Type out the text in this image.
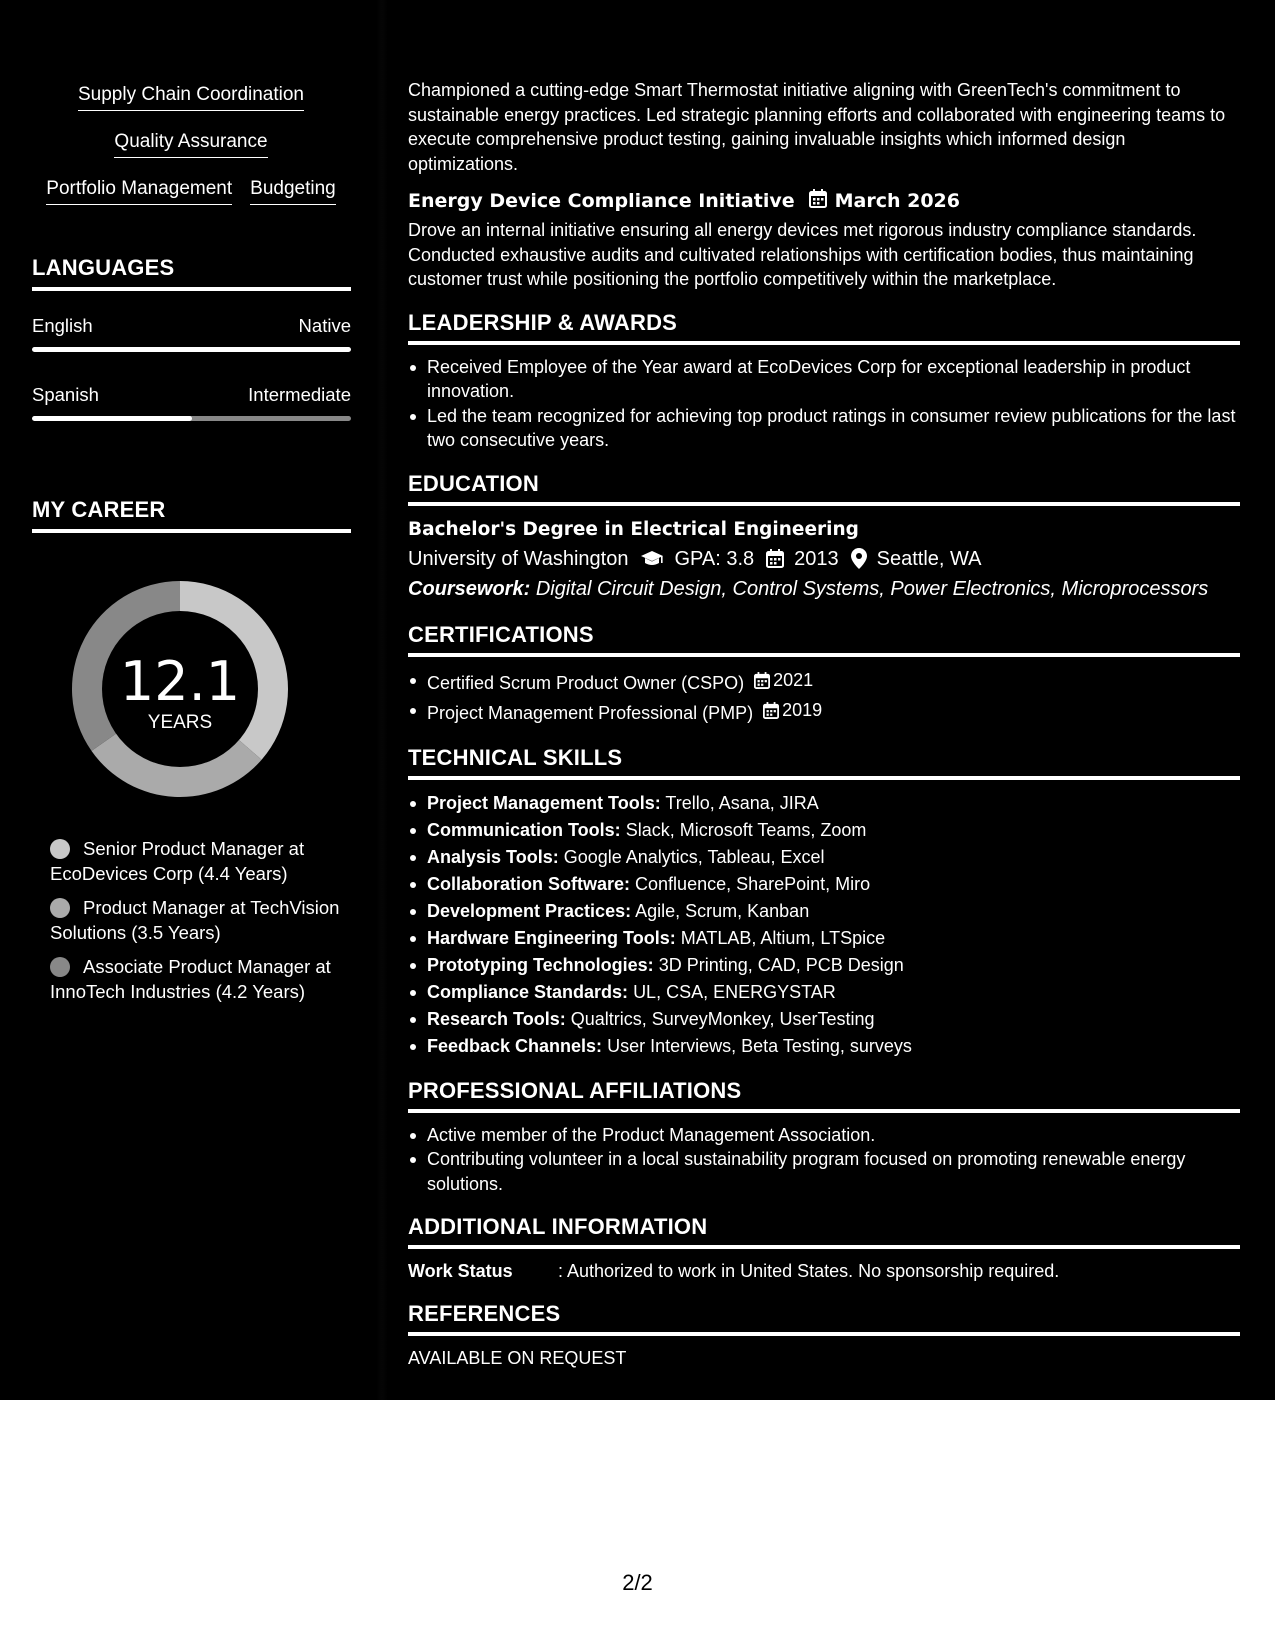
Supply Chain Coordination
Quality Assurance
Portfolio Management Budgeting
LANGUAGES
English	Native
Spanish	Intermediate
MY CAREER
12.1
YEARS
Senior Product Manager at EcoDevices Corp (4.4 Years)
Product Manager at TechVision Solutions (3.5 Years)
Associate Product Manager at InnoTech Industries (4.2 Years)

Championed a cutting-edge Smart Thermostat initiative aligning with GreenTech's commitment to sustainable energy practices. Led strategic planning efforts and collaborated with engineering teams to execute comprehensive product testing, gaining invaluable insights which informed design optimizations.

Energy Device Compliance Initiative March 2026

Drove an internal initiative ensuring all energy devices met rigorous industry compliance standards. Conducted exhaustive audits and cultivated relationships with certification bodies, thus maintaining customer trust while positioning the portfolio competitively within the marketplace.

LEADERSHIP & AWARDS
Received Employee of the Year award at EcoDevices Corp for exceptional leadership in product innovation.
Led the team recognized for achieving top product ratings in consumer review publications for the last two consecutive years.
EDUCATION
Bachelor's Degree in Electrical Engineering
University of Washington GPA: 3.8 2013 Seattle, WA
Coursework: Digital Circuit Design, Control Systems, Power Electronics, Microprocessors
CERTIFICATIONS
Certified Scrum Product Owner (CSPO) 2021
Project Management Professional (PMP) 2019
TECHNICAL SKILLS
Project Management Tools: Trello, Asana, JIRA
Communication Tools: Slack, Microsoft Teams, Zoom
Analysis Tools: Google Analytics, Tableau, Excel
Collaboration Software: Confluence, SharePoint, Miro
Development Practices: Agile, Scrum, Kanban
Hardware Engineering Tools: MATLAB, Altium, LTSpice
Prototyping Technologies: 3D Printing, CAD, PCB Design
Compliance Standards: UL, CSA, ENERGYSTAR
Research Tools: Qualtrics, SurveyMonkey, UserTesting
Feedback Channels: User Interviews, Beta Testing, surveys
PROFESSIONAL AFFILIATIONS
Active member of the Product Management Association.
Contributing volunteer in a local sustainability program focused on promoting renewable energy solutions.
ADDITIONAL INFORMATION
Work Status	: Authorized to work in United States. No sponsorship required.
REFERENCES
AVAILABLE ON REQUEST
2/2
